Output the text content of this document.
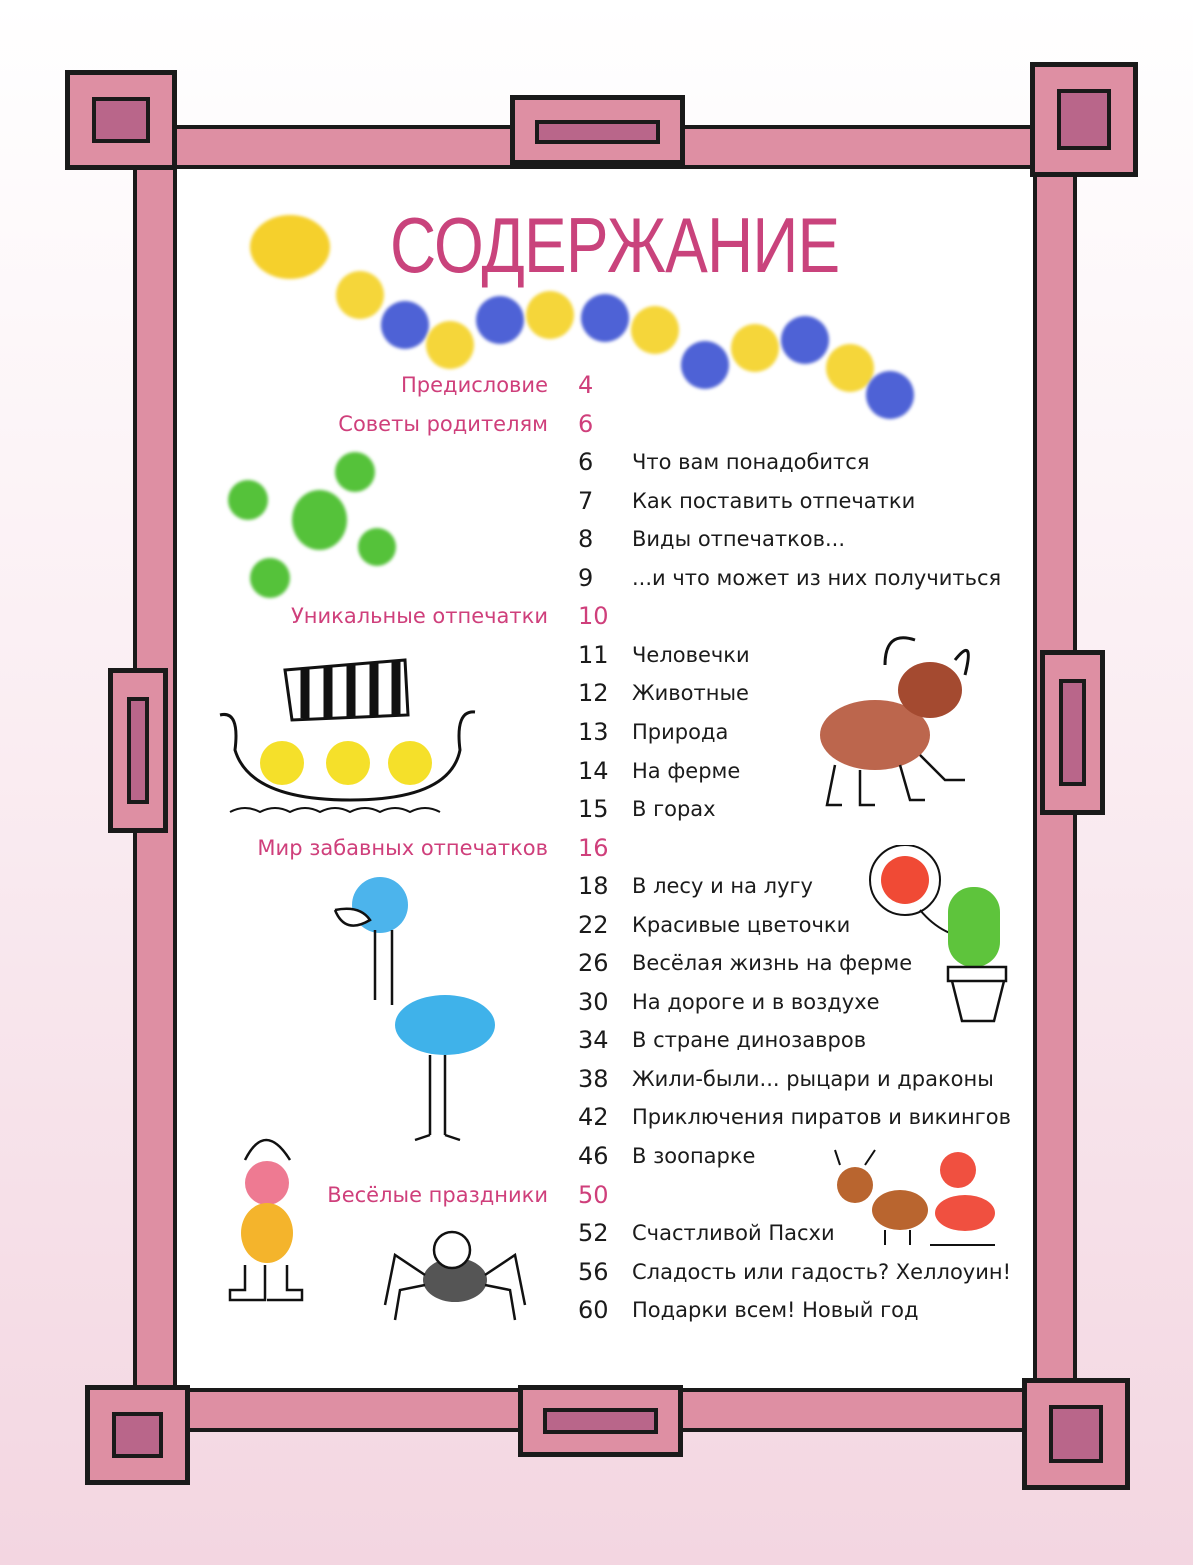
СОДЕРЖАНИЕ
Предисловие 4
Советы родителям 6
6	Что вам понадобится
7	Как поставить отпечатки
8	Виды отпечатков...
9	...и что может из них получиться
Уникальные отпечатки 10
11 Человечки
12 Животные
13 Природа
14 На ферме
15 В горах
Мир забавных отпечатков 16
18 В лесу и на лугу
22 Красивые цветочки
26 Весёлая жизнь на ферме
30 На дороге и в воздухе
34 В стране динозавров
38 Жили-были... рыцари и драконы
42 Приключения пиратов и викингов
46 В зоопарке
Весёлые праздники 50
52 Счастливой Пасхи
56 Сладость или гадость? Хеллоуин!
60 Подарки всем! Новый год
